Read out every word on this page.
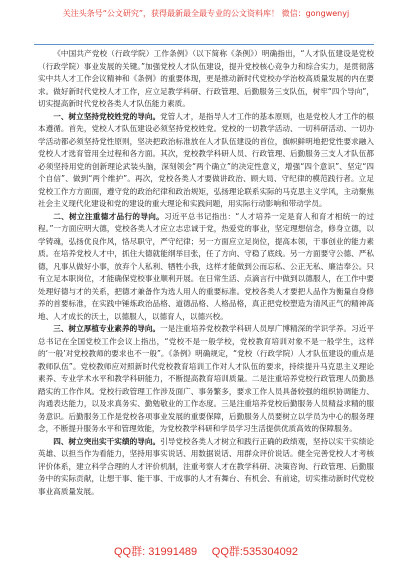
关注头条号“公文研究”，获得最新最全最专业的公文资料库！ 微信：gongwenyj

《中国共产党校（行政学院）工作条例》（以下简称《条例》）明确指出，“人才队伍建设是党校（行政学院）事业发展的关键。”加强党校人才队伍建设，提升党校核心竞争力和综合实力，是贯彻落实中共人才工作会议精神和《条例》的重要体现，更是推动新时代党校办学治校高质量发展的内在要求。做好新时代党校人才工作，应立足教学科研、行政管理、后勤服务三支队伍，树牢“四个导向”，切实提高新时代党校各类人才队伍能力素质。

一、树立坚持党校姓党的导向。党管人才，是指导人才工作的基本原则，也是党校人才工作的根本遵循。首先，党校人才队伍建设必须坚持党校姓党。党校的一切教学活动、一切科研活动、一切办学活动都必须坚持党性原则，坚决把政治标准放在人才队伍建设的首位，旗帜鲜明地把党性要求融入党校人才选育管用全过程和各方面。其次，党校教学科研人员、行政管理、后勤服务三支人才队伍都必须坚持用党的创新理论武装头脑，深刻领会“两个确立”的决定性意义，增强“四个意识”、坚定“四个自信”、做到“两个维护”。再次，党校各类人才要做讲政治、顾大局、守纪律的模范践行者。立足党校工作方方面面，遵守党的政治纪律和政治规矩，弘扬理论联系实际的马克思主义学风，主动聚焦社会主义现代化建设和党的建设的重大理论和实践问题，用实际行动影响和带动学员。

二、树立注重德才品行的导向。习近平总书记指出：“人才培养一定是育人和育才相统一的过程。”一方面应明大德，党校各类人才应立志忠诚于党，热爱党的事业，坚定理想信念，修身立德，以学铸魂，弘扬优良作风，恪尽职守，严守纪律；另一方面应立足岗位，提高本领，干事创业的能力素质。在培养党校人才中，抓住大德就能纲举目张，任了方向、守稳了底线。另一方面要守公德、严私德，凡事从做好小事，放弃个人私利、牺牲小我，这样才能做到公而忘私、公正无私、廉洁奉公。只有立足本职岗位，才能确保党校事业顺利开展。在日常生活、点滴言行中做到以德服人，在工作中要处理好德与才的关系，把德才兼备作为选人用人的重要标准。党校各类人才要把人品作为衡量自身修养的首要标准，在实践中锤炼政治品格、道德品格、人格品格，真正把党校塑造为清风正气的精神高地、人才成长的沃土，以德服人，以德育人，以德兴校。

三、树立厚植专业素养的导向。一是注重培养党校教学科研人员厚广博精深的学识学养。习近平总书记在全国党校工作会议上指出，“党校不是一般学校，党校教育培训对象不是一般学生，这样的‘一般’对党校教师的要求也不一般”。《条例》明确规定，“党校（行政学院）人才队伍建设的重点是教师队伍”。党校教师应对照新时代党校教育培训工作对人才队伍的要求，持续提升马克思主义理论素养、专业学术水平和教学科研能力，不断提高教育培训质量。二是注重培养党校行政管理人员勤恳踏实的工作作风。党校行政管理工作涉及面广、事务繁多，要求工作人员具备较强的组织协调能力、沟通表达能力，以及求真务实、勤勉敬业的工作态度。三是注重培养党校后勤服务人员精益求精的服务意识。后勤服务工作是党校各项事业发展的重要保障，后勤服务人员要树立以学员为中心的服务理念，不断提升服务水平和管理效能，为党校教学科研和学员学习生活提供优质高效的保障服务。

四、树立突出实干实绩的导向。引导党校各类人才树立和践行正确的政绩观，坚持以实干实绩论英雄、以担当作为看能力，坚持用事实说话、用数据说话、用群众评价说话。健全完善党校人才考核评价体系，建立科学合理的人才评价机制，注重考察人才在教学科研、决策咨询、行政管理、后勤服务中的实际贡献，让想干事、能干事、干成事的人才有舞台、有机会、有前途，切实推动新时代党校事业高质量发展。

QQ群: 31991489 QQ群:535304092
